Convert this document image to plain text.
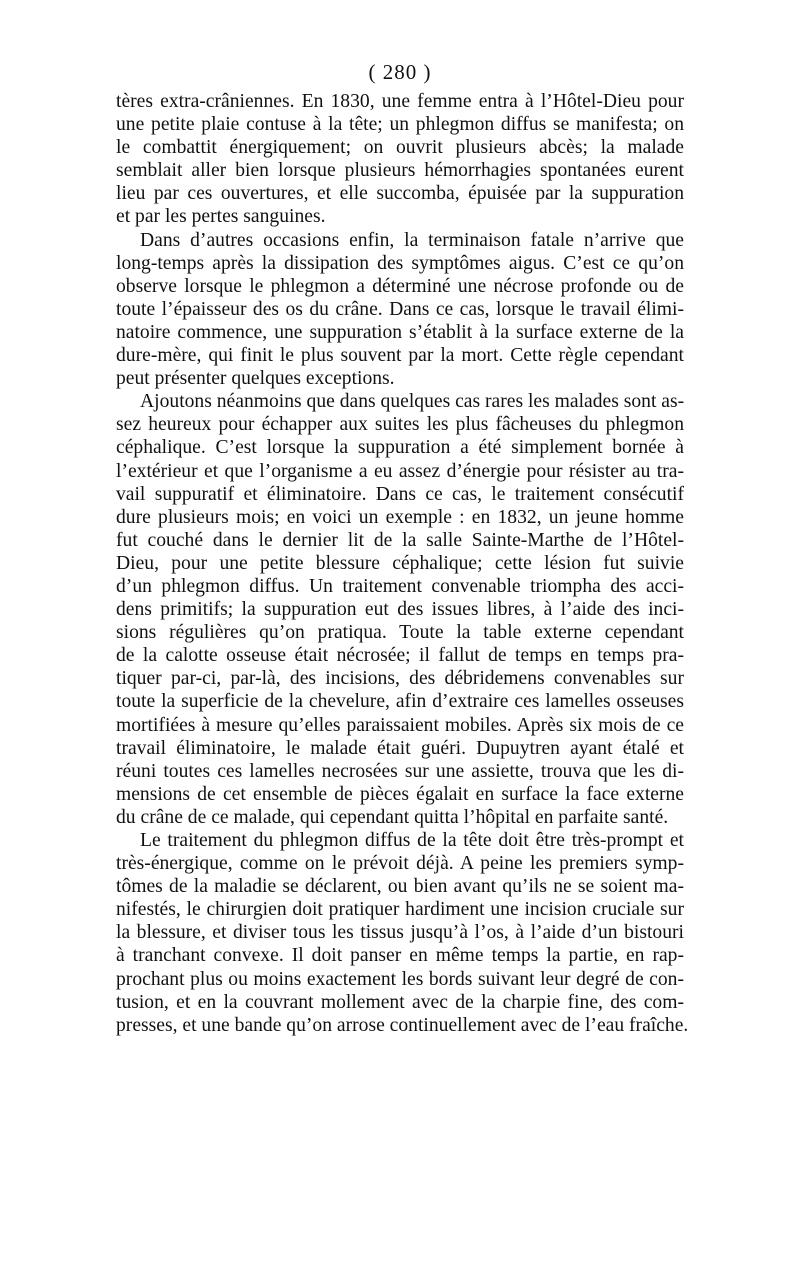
( 280 )
tères extra-crâniennes. En 1830, une femme entra à l’Hôtel-Dieu pour
une petite plaie contuse à la tête; un phlegmon diffus se manifesta; on
le combattit énergiquement; on ouvrit plusieurs abcès; la malade
semblait aller bien lorsque plusieurs hémorrhagies spontanées eurent
lieu par ces ouvertures, et elle succomba, épuisée par la suppuration
et par les pertes sanguines.
Dans d’autres occasions enfin, la terminaison fatale n’arrive que
long-temps après la dissipation des symptômes aigus. C’est ce qu’on
observe lorsque le phlegmon a déterminé une nécrose profonde ou de
toute l’épaisseur des os du crâne. Dans ce cas, lorsque le travail élimi-
natoire commence, une suppuration s’établit à la surface externe de la
dure-mère, qui finit le plus souvent par la mort. Cette règle cependant
peut présenter quelques exceptions.
Ajoutons néanmoins que dans quelques cas rares les malades sont as-
sez heureux pour échapper aux suites les plus fâcheuses du phlegmon
céphalique. C’est lorsque la suppuration a été simplement bornée à
l’extérieur et que l’organisme a eu assez d’énergie pour résister au tra-
vail suppuratif et éliminatoire. Dans ce cas, le traitement consécutif
dure plusieurs mois; en voici un exemple : en 1832, un jeune homme
fut couché dans le dernier lit de la salle Sainte-Marthe de l’Hôtel-
Dieu, pour une petite blessure céphalique; cette lésion fut suivie
d’un phlegmon diffus. Un traitement convenable triompha des acci-
dens primitifs; la suppuration eut des issues libres, à l’aide des inci-
sions régulières qu’on pratiqua. Toute la table externe cependant
de la calotte osseuse était nécrosée; il fallut de temps en temps pra-
tiquer par-ci, par-là, des incisions, des débridemens convenables sur
toute la superficie de la chevelure, afin d’extraire ces lamelles osseuses
mortifiées à mesure qu’elles paraissaient mobiles. Après six mois de ce
travail éliminatoire, le malade était guéri. Dupuytren ayant étalé et
réuni toutes ces lamelles necrosées sur une assiette, trouva que les di-
mensions de cet ensemble de pièces égalait en surface la face externe
du crâne de ce malade, qui cependant quitta l’hôpital en parfaite santé.
Le traitement du phlegmon diffus de la tête doit être très-prompt et
très-énergique, comme on le prévoit déjà. A peine les premiers symp-
tômes de la maladie se déclarent, ou bien avant qu’ils ne se soient ma-
nifestés, le chirurgien doit pratiquer hardiment une incision cruciale sur
la blessure, et diviser tous les tissus jusqu’à l’os, à l’aide d’un bistouri
à tranchant convexe. Il doit panser en même temps la partie, en rap-
prochant plus ou moins exactement les bords suivant leur degré de con-
tusion, et en la couvrant mollement avec de la charpie fine, des com-
presses, et une bande qu’on arrose continuellement avec de l’eau fraîche.
